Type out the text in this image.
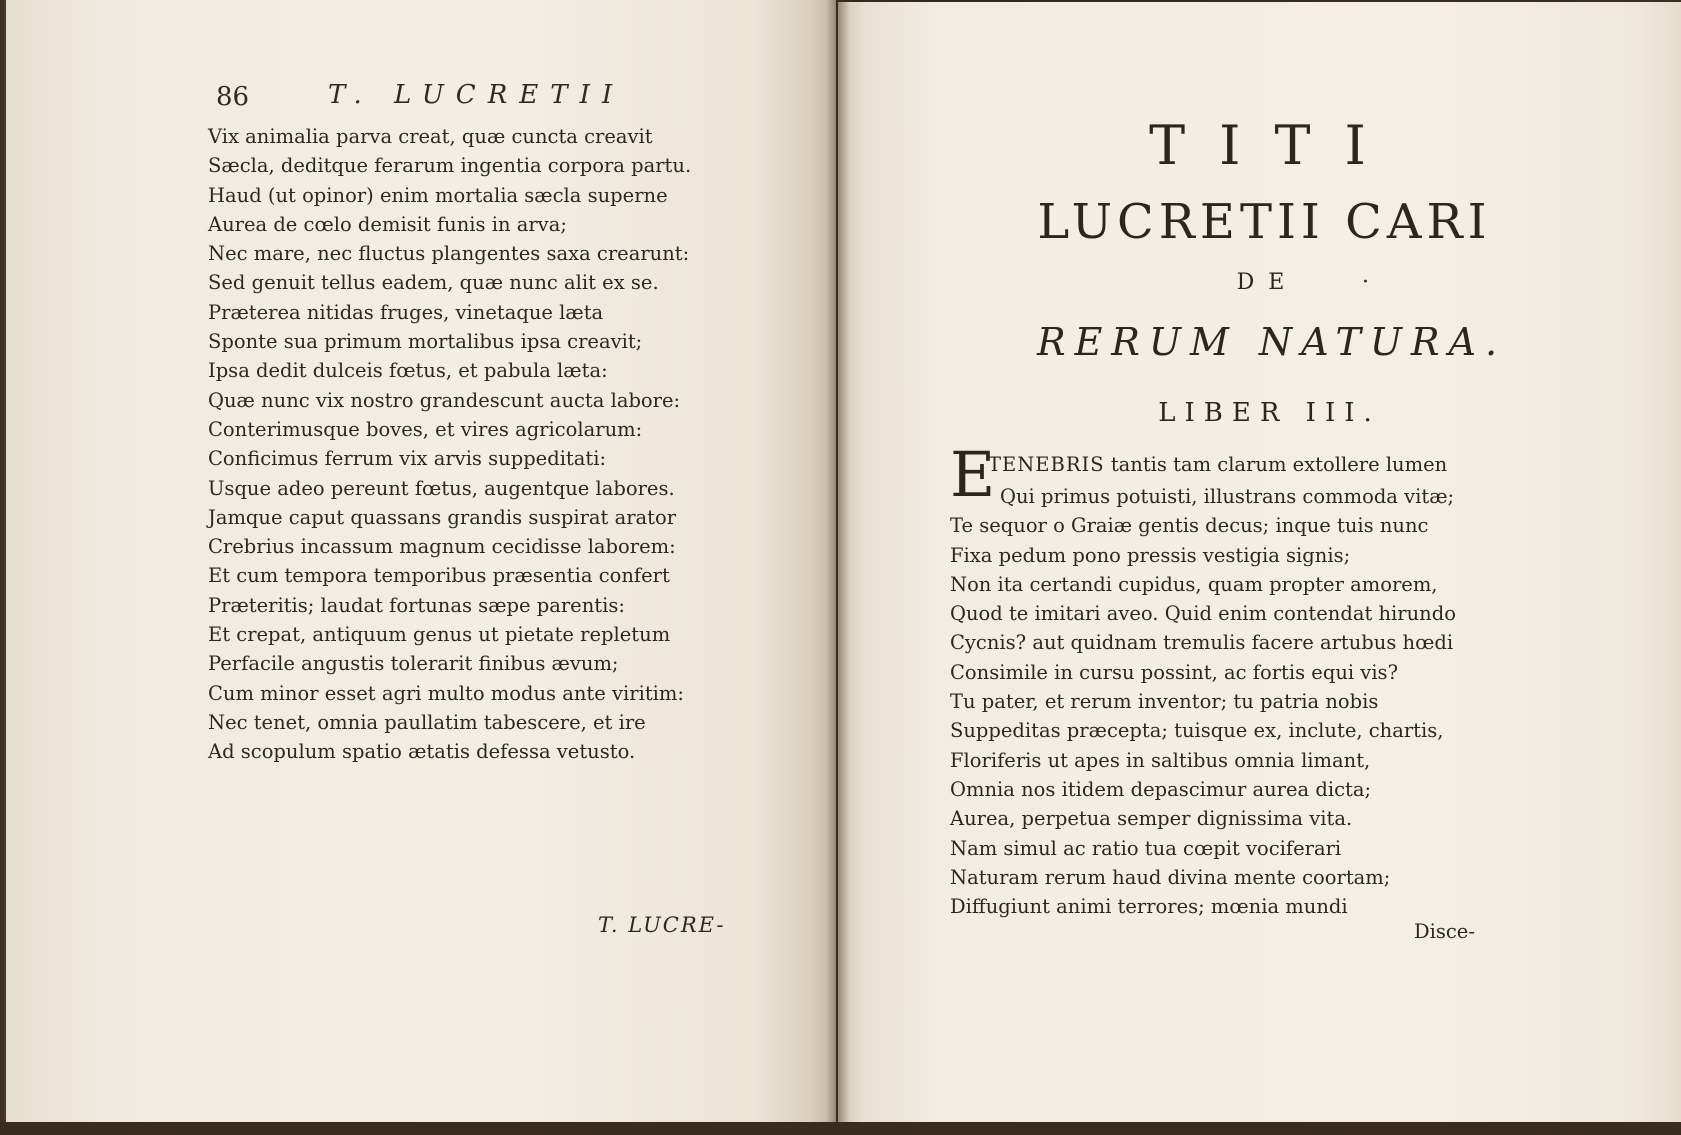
86	T. LUCRETII
Vix animalia parva creat, quæ cuncta creavit
Sæcla, deditque ferarum ingentia corpora partu.
Haud (ut opinor) enim mortalia sæcla superne
Aurea de cœlo demisit funis in arva;
Nec mare, nec fluctus plangentes saxa crearunt:
Sed genuit tellus eadem, quæ nunc alit ex se.
Præterea nitidas fruges, vinetaque læta
Sponte sua primum mortalibus ipsa creavit;
Ipsa dedit dulceis fœtus, et pabula læta:
Quæ nunc vix nostro grandescunt aucta labore:
Conterimusque boves, et vires agricolarum:
Conficimus ferrum vix arvis suppeditati:
Usque adeo pereunt fœtus, augentque labores.
Jamque caput quassans grandis suspirat arator
Crebrius incassum magnum cecidisse laborem:
Et cum tempora temporibus præsentia confert
Præteritis; laudat fortunas sæpe parentis:
Et crepat, antiquum genus ut pietate repletum
Perfacile angustis tolerarit finibus ævum;
Cum minor esset agri multo modus ante viritim:
Nec tenet, omnia paullatim tabescere, et ire
Ad scopulum spatio ætatis defessa vetusto.
T. LUCRE-
TITI
LUCRETII CARI
DE	·
RERUM NATURA.
LIBER III.
E
TENEBRIS tantis tam clarum extollere lumen
Qui primus potuisti, illustrans commoda vitæ;
Te sequor o Graiæ gentis decus; inque tuis nunc
Fixa pedum pono pressis vestigia signis;
Non ita certandi cupidus, quam propter amorem,
Quod te imitari aveo. Quid enim contendat hirundo
Cycnis? aut quidnam tremulis facere artubus hœdi
Consimile in cursu possint, ac fortis equi vis?
Tu pater, et rerum inventor; tu patria nobis
Suppeditas præcepta; tuisque ex, inclute, chartis,
Floriferis ut apes in saltibus omnia limant,
Omnia nos itidem depascimur aurea dicta;
Aurea, perpetua semper dignissima vita.
Nam simul ac ratio tua cœpit vociferari
Naturam rerum haud divina mente coortam;
Diffugiunt animi terrores; mœnia mundi
Disce-
